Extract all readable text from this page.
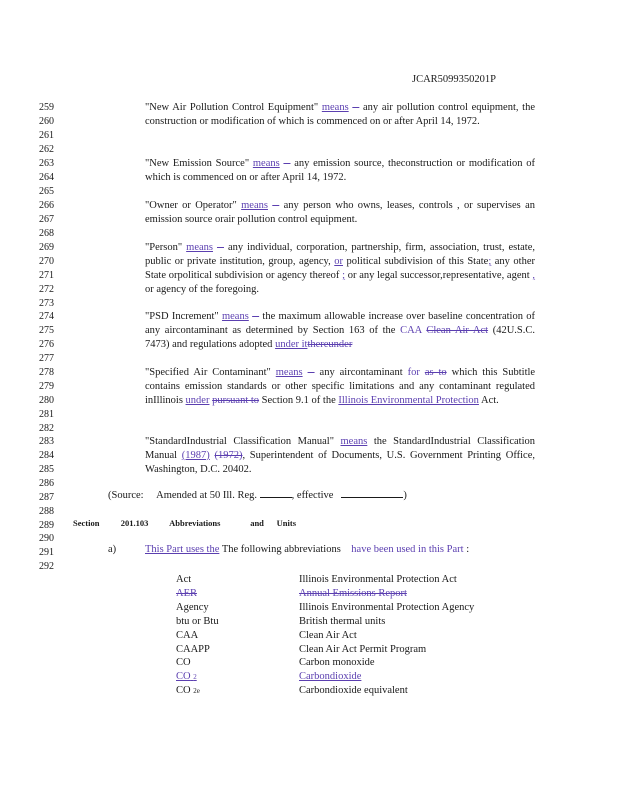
JCAR5099350201P
259
260
261
262
263
264
265
266
267
268
269
270
271
272
273
274
275
276
277
278
279
280
281
282
283
284
285
286
287
288
289
290
291
292
"New Air Pollution Control Equipment" means -- any air pollution control equipment, the construction or modification of which is commenced on or after April 14, 1972.
"New Emission Source" means -- any emission source, theconstruction or modification of which is commenced on or after April 14, 1972.
"Owner or Operator" means -- any person who owns, leases, controls , or supervises an emission source orair pollution control equipment.
"Person" means -- any individual, corporation, partnership, firm, association, trust, estate, public or private institution, group, agency, or political subdivision of this State; any other State orpolitical subdivision or agency thereof ; or any legal successor,representative, agent , or agency of the foregoing.
"PSD Increment" means -- the maximum allowable increase over baseline concentration of any aircontaminant as determined by Section 163 of the CAA Clean Air Act (42U.S.C. 7473) and regulations adopted under itthereunder
"Specified Air Contaminant" means -- any aircontaminant for as to which this Subtitle contains emission standards or other specific limitations and any contaminant regulated inIllinois under pursuant to Section 9.1 of the Illinois Environmental Protection Act.
"StandardIndustrial Classification Manual" means the StandardIndustrial Classification Manual (1987) (1972), Superintendent of Documents, U.S. Government Printing Office, Washington, D.C. 20402.
(Source: Amended at 50 Ill. Reg.	, effective	)
Section	201.103 Abbreviations	and Units
a)	This Part uses the The following abbreviations have been used in this Part :
Act	Illinois Environmental Protection Act
AER	Annual Emissions Report
Agency	Illinois Environmental Protection Agency
btu or Btu	British thermal units
CAA	Clean Air Act
CAAPP	Clean Air Act Permit Program
CO	Carbon monoxide
CO 2	Carbondioxide
CO 2e	Carbondioxide equivalent
